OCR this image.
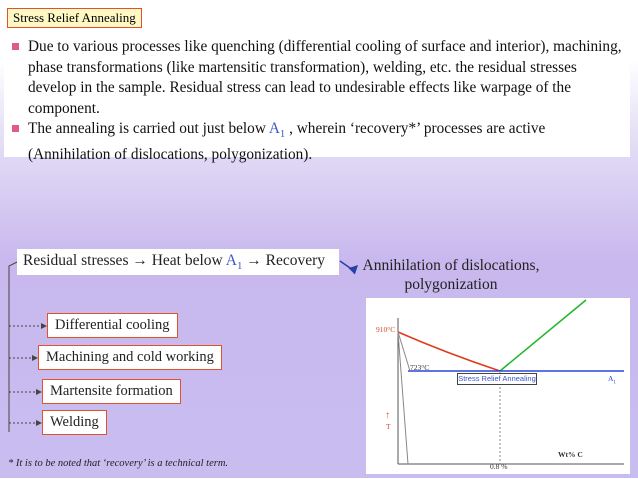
Stress Relief Annealing
Due to various processes like quenching (differential cooling of surface and interior), machining, phase transformations (like martensitic transformation), welding, etc. the residual stresses develop in the sample. Residual stress can lead to undesirable effects like warpage of the component.
The annealing is carried out just below $A_1$ , wherein ‘recovery*’ processes are active (Annihilation of dislocations, polygonization).
Residual stresses → Heat below $A_1$ → Recovery	Annihilation of dislocations,
polygonization
Differential cooling
Machining and cold working
Martensite formation
Welding
910°C
723°C
$A_1$
↑
T
Wt% C
0.8 %
Stress Relief Annealing
* It is to be noted that ‘recovery’ is a technical term.
